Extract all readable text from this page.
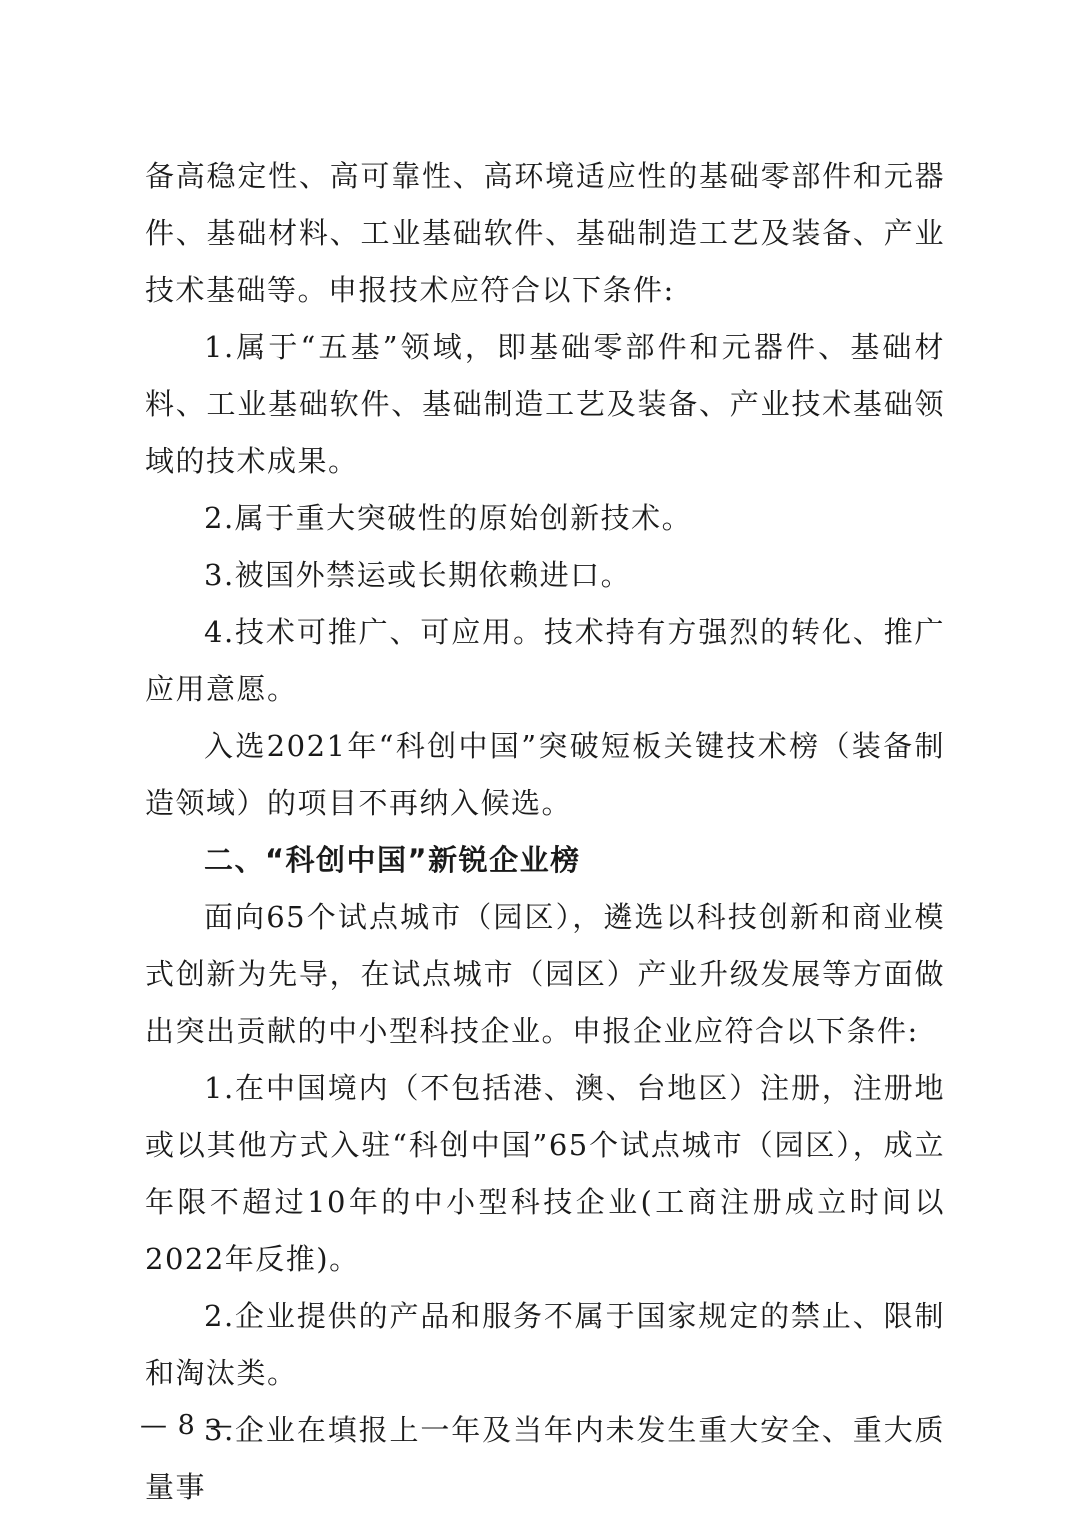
备高稳定性、高可靠性、高环境适应性的基础零部件和元器件、基础材料、工业基础软件、基础制造工艺及装备、产业技术基础等。申报技术应符合以下条件:

1.属于“五基”领域，即基础零部件和元器件、基础材料、工业基础软件、基础制造工艺及装备、产业技术基础领域的技术成果。

2.属于重大突破性的原始创新技术。

3.被国外禁运或长期依赖进口。

4.技术可推广、可应用。技术持有方强烈的转化、推广应用意愿。

入选2021年“科创中国”突破短板关键技术榜（装备制造领域）的项目不再纳入候选。

二、“科创中国”新锐企业榜

面向65个试点城市（园区），遴选以科技创新和商业模式创新为先导，在试点城市（园区）产业升级发展等方面做出突出贡献的中小型科技企业。申报企业应符合以下条件:

1.在中国境内（不包括港、澳、台地区）注册，注册地或以其他方式入驻“科创中国”65个试点城市（园区），成立年限不超过10年的中小型科技企业(工商注册成立时间以2022年反推)。

2.企业提供的产品和服务不属于国家规定的禁止、限制和淘汰类。

3.企业在填报上一年及当年内未发生重大安全、重大质量事

— 8 —
